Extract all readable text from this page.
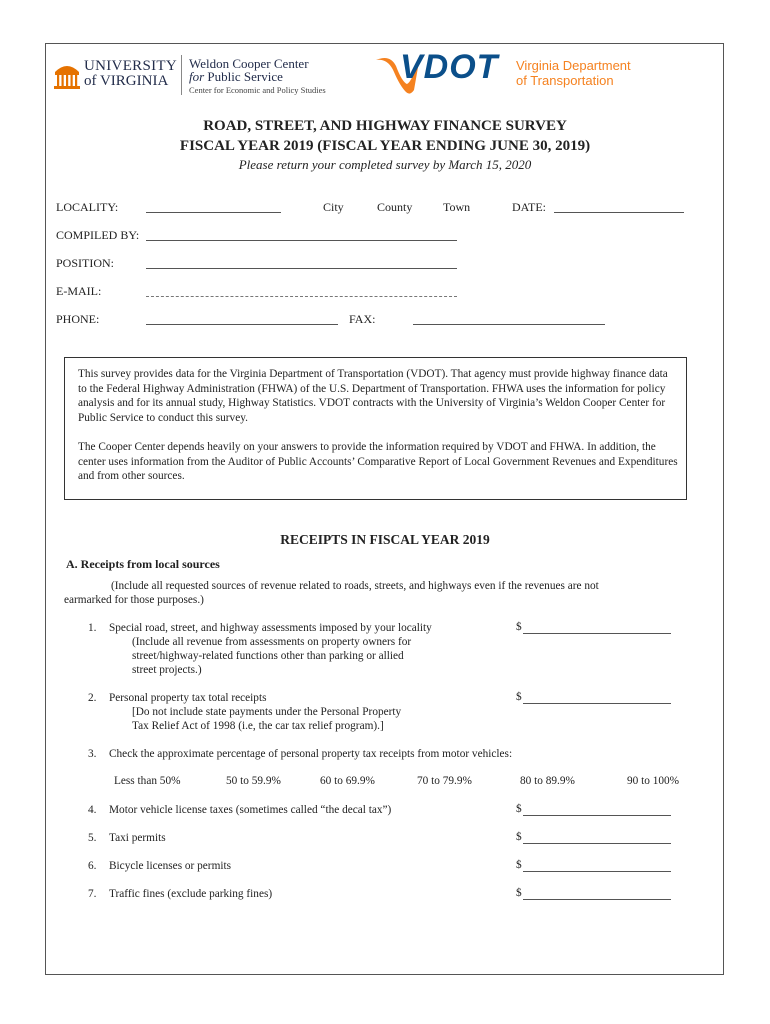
UNIVERSITY
of VIRGINIA
Weldon Cooper Center
for Public Service
Center for Economic and Policy Studies
VDOT Virginia Department
of Transportation
ROAD, STREET, AND HIGHWAY FINANCE SURVEY
FISCAL YEAR 2019 (FISCAL YEAR ENDING JUNE 30, 2019)
Please return your completed survey by March 15, 2020
LOCALITY:	City	County	Town	DATE:
COMPILED BY:
POSITION:
E-MAIL:
PHONE:	FAX:
This survey provides data for the Virginia Department of Transportation (VDOT). That agency must provide highway finance data to the Federal Highway Administration (FHWA) of the U.S. Department of Transportation. FHWA uses the information for policy analysis and for its annual study, Highway Statistics. VDOT contracts with the University of Virginia’s Weldon Cooper Center for Public Service to conduct this survey.
The Cooper Center depends heavily on your answers to provide the information required by VDOT and FHWA. In addition, the center uses information from the Auditor of Public Accounts’ Comparative Report of Local Government Revenues and Expenditures and from other sources.
RECEIPTS IN FISCAL YEAR 2019
A. Receipts from local sources
(Include all requested sources of revenue related to roads, streets, and highways even if the revenues are not
earmarked for those purposes.)
1. Special road, street, and highway assessments imposed by your locality
(Include all revenue from assessments on property owners for
street/highway-related functions other than parking or allied
street projects.)
$
2. Personal property tax total receipts
[Do not include state payments under the Personal Property
Tax Relief Act of 1998 (i.e, the car tax relief program).]
$
3. Check the approximate percentage of personal property tax receipts from motor vehicles:
Less than 50%	50 to 59.9%	60 to 69.9%	70 to 79.9%	80 to 89.9%	90 to 100%
4. Motor vehicle license taxes (sometimes called “the decal tax”)	$
5. Taxi permits	$
6. Bicycle licenses or permits	$
7. Traffic fines (exclude parking fines)	$
